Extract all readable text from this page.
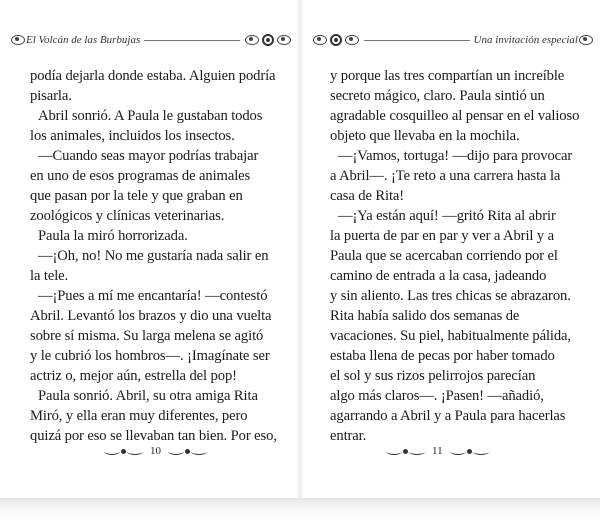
El Volcán de las Burbujas
podía dejarla donde estaba. Alguien podría
pisarla.
Abril sonrió. A Paula le gustaban todos
los animales, incluidos los insectos.
—Cuando seas mayor podrías trabajar
en uno de esos programas de animales
que pasan por la tele y que graban en
zoológicos y clínicas veterinarias.
Paula la miró horrorizada.
—¡Oh, no! No me gustaría nada salir en
la tele.
—¡Pues a mí me encantaría! —contestó
Abril. Levantó los brazos y dio una vuelta
sobre sí misma. Su larga melena se agitó
y le cubrió los hombros—. ¡Imagínate ser
actriz o, mejor aún, estrella del pop!
Paula sonrió. Abril, su otra amiga Rita
Miró, y ella eran muy diferentes, pero
quizá por eso se llevaban tan bien. Por eso,
10
Una invitación especial
y porque las tres compartían un increíble
secreto mágico, claro. Paula sintió un
agradable cosquilleo al pensar en el valioso
objeto que llevaba en la mochila.
—¡Vamos, tortuga! —dijo para provocar
a Abril—. ¡Te reto a una carrera hasta la
casa de Rita!
—¡Ya están aquí! —gritó Rita al abrir
la puerta de par en par y ver a Abril y a
Paula que se acercaban corriendo por el
camino de entrada a la casa, jadeando
y sin aliento. Las tres chicas se abrazaron.
Rita había salido dos semanas de
vacaciones. Su piel, habitualmente pálida,
estaba llena de pecas por haber tomado
el sol y sus rizos pelirrojos parecían
algo más claros—. ¡Pasen! —añadió,
agarrando a Abril y a Paula para hacerlas
entrar.
11
